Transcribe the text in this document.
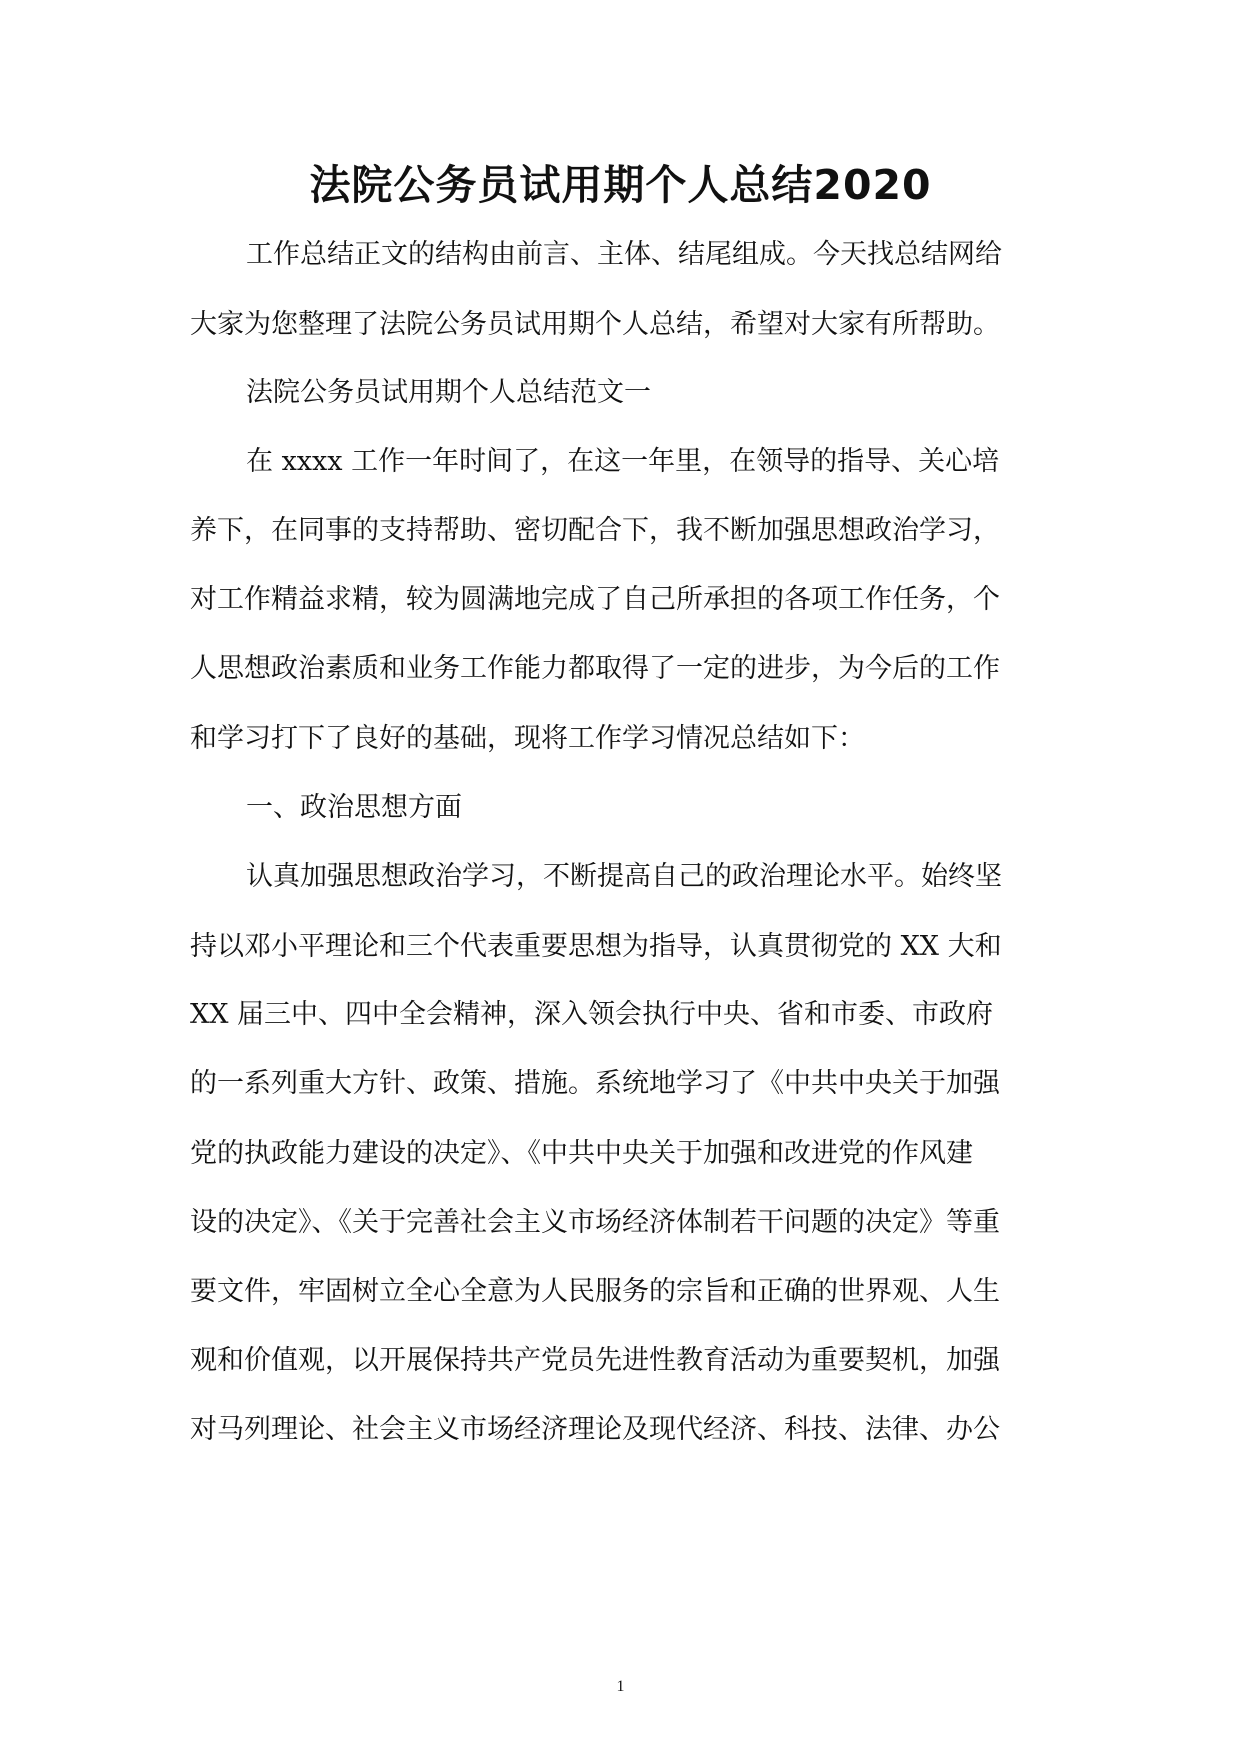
法院公务员试用期个人总结2020

工作总结正文的结构由前言、主体、结尾组成。今天找总结网给

大家为您整理了法院公务员试用期个人总结，希望对大家有所帮助。

法院公务员试用期个人总结范文一

在 xxxx 工作一年时间了，在这一年里，在领导的指导、关心培

养下，在同事的支持帮助、密切配合下，我不断加强思想政治学习，

对工作精益求精，较为圆满地完成了自己所承担的各项工作任务，个

人思想政治素质和业务工作能力都取得了一定的进步，为今后的工作

和学习打下了良好的基础，现将工作学习情况总结如下：

一、政治思想方面

认真加强思想政治学习，不断提高自己的政治理论水平。始终坚

持以邓小平理论和三个代表重要思想为指导，认真贯彻党的 XX 大和

XX 届三中、四中全会精神，深入领会执行中央、省和市委、市政府

的一系列重大方针、政策、措施。系统地学习了《中共中央关于加强

党的执政能力建设的决定》、《中共中央关于加强和改进党的作风建

设的决定》、《关于完善社会主义市场经济体制若干问题的决定》等重

要文件，牢固树立全心全意为人民服务的宗旨和正确的世界观、人生

观和价值观，以开展保持共产党员先进性教育活动为重要契机，加强

对马列理论、社会主义市场经济理论及现代经济、科技、法律、办公

1
